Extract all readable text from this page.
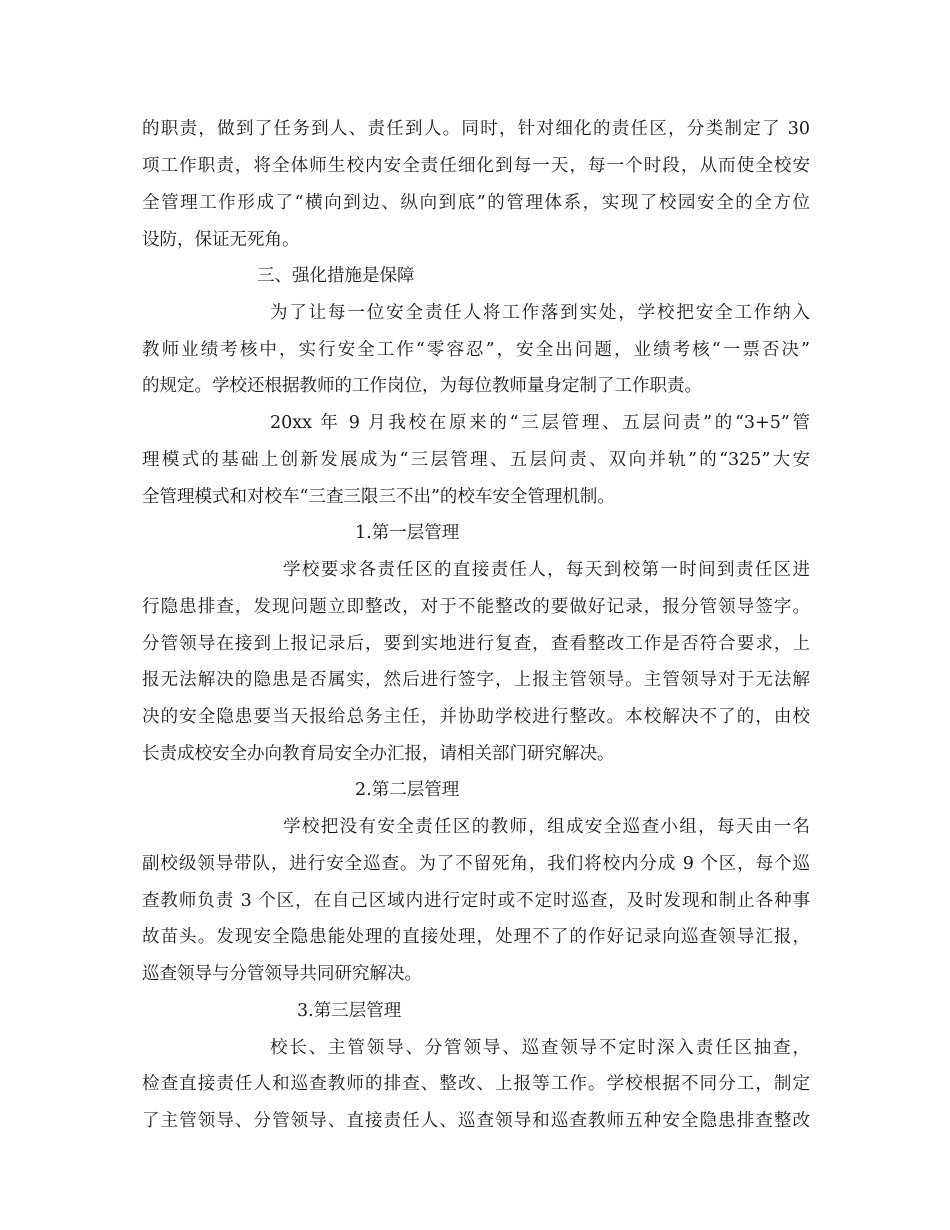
的职责，做到了任务到人、责任到人。同时，针对细化的责任区，分类制定了 30

项工作职责，将全体师生校内安全责任细化到每一天，每一个时段，从而使全校安

全管理工作形成了“横向到边、纵向到底”的管理体系，实现了校园安全的全方位

设防，保证无死角。

三、强化措施是保障

为了让每一位安全责任人将工作落到实处，学校把安全工作纳入

教师业绩考核中，实行安全工作“零容忍”，安全出问题，业绩考核“一票否决”

的规定。学校还根据教师的工作岗位，为每位教师量身定制了工作职责。

20xx 年 9 月我校在原来的“三层管理、五层问责”的“3+5”管

理模式的基础上创新发展成为“三层管理、五层问责、双向并轨”的“325”大安

全管理模式和对校车“三查三限三不出”的校车安全管理机制。

1.第一层管理

学校要求各责任区的直接责任人，每天到校第一时间到责任区进

行隐患排查，发现问题立即整改，对于不能整改的要做好记录，报分管领导签字。

分管领导在接到上报记录后，要到实地进行复查，查看整改工作是否符合要求，上

报无法解决的隐患是否属实，然后进行签字，上报主管领导。主管领导对于无法解

决的安全隐患要当天报给总务主任，并协助学校进行整改。本校解决不了的，由校

长责成校安全办向教育局安全办汇报，请相关部门研究解决。

2.第二层管理

学校把没有安全责任区的教师，组成安全巡查小组，每天由一名

副校级领导带队，进行安全巡查。为了不留死角，我们将校内分成 9 个区，每个巡

查教师负责 3 个区，在自己区域内进行定时或不定时巡查，及时发现和制止各种事

故苗头。发现安全隐患能处理的直接处理，处理不了的作好记录向巡查领导汇报，

巡查领导与分管领导共同研究解决。

3.第三层管理

校长、主管领导、分管领导、巡查领导不定时深入责任区抽查，

检查直接责任人和巡查教师的排查、整改、上报等工作。学校根据不同分工，制定

了主管领导、分管领导、直接责任人、巡查领导和巡查教师五种安全隐患排查整改
